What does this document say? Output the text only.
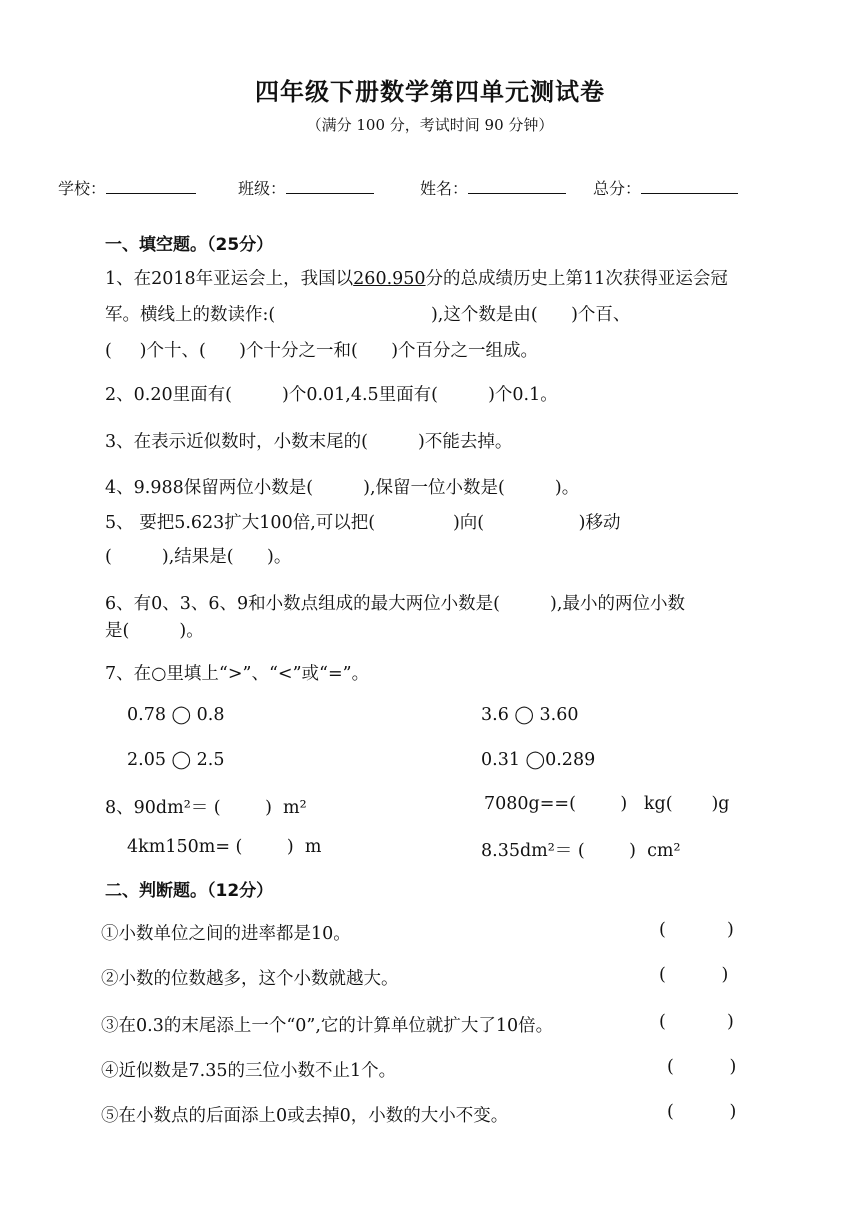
四年级下册数学第四单元测试卷
（满分 100 分，考试时间 90 分钟）
学校：	班级：	姓名：	总分：
一、填空题。（25分）
1、在2018年亚运会上，我国以260.950分的总成绩历史上第11次获得亚运会冠
军。横线上的数读作:(                            ),这个数是由(      )个百、
(     )个十、(      )个十分之一和(      )个百分之一组成。
2、0.20里面有(         )个0.01,4.5里面有(         )个0.1。
3、在表示近似数时，小数末尾的(         )不能去掉。
4、9.988保留两位小数是(         ),保留一位小数是(         )。
5、 要把5.623扩大100倍,可以把(              )向(                 )移动
(         ),结果是(      )。
6、有0、3、6、9和小数点组成的最大两位小数是(         ),最小的两位小数
是(         )。
7、在○里填上“>”、“<”或“=”。
0.78 ◯ 0.8	3.6 ◯ 3.60
2.05 ◯ 2.5	0.31 ◯0.289
8、90dm²＝ (        )  m²	7080g==(        )   kg(       )g
4km150m= (        )  m	8.35dm²＝ (        )  cm²
二、判断题。（12分）
①小数单位之间的进率都是10。	(           )
②小数的位数越多，这个小数就越大。	(          )
③在0.3的末尾添上一个“0”,它的计算单位就扩大了10倍。	(           )
④近似数是7.35的三位小数不止1个。	(          )
⑤在小数点的后面添上0或去掉0，小数的大小不变。	(          )
